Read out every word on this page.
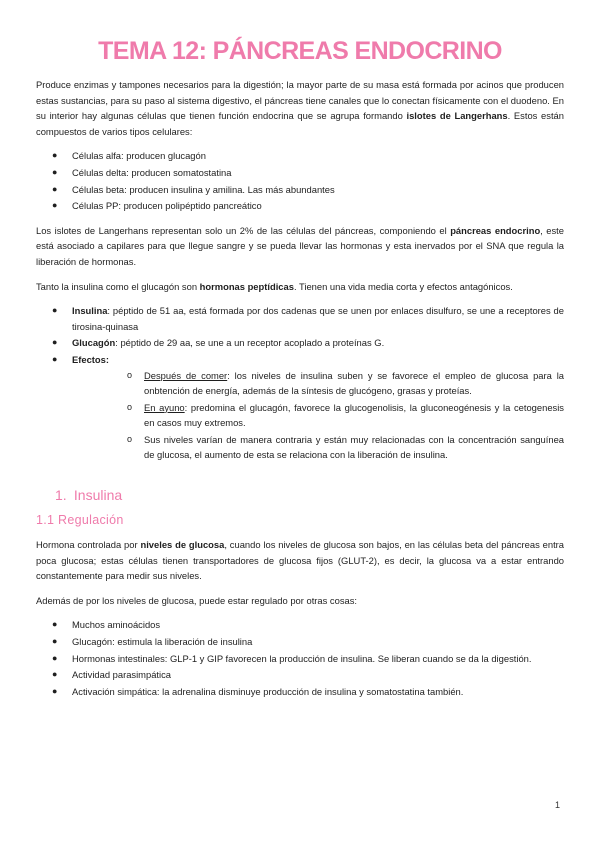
TEMA 12: PÁNCREAS ENDOCRINO

Produce enzimas y tampones necesarios para la digestión; la mayor parte de su masa está formada por acinos que producen estas sustancias, para su paso al sistema digestivo, el páncreas tiene canales que lo conectan físicamente con el duodeno. En su interior hay algunas células que tienen función endocrina que se agrupa formando islotes de Langerhans. Estos están compuestos de varios tipos celulares:

● Células alfa: producen glucagón
● Células delta: producen somatostatina
● Células beta: producen insulina y amilina. Las más abundantes
● Células PP: producen polipéptido pancreático

Los islotes de Langerhans representan solo un 2% de las células del páncreas, componiendo el páncreas endocrino, este está asociado a capilares para que llegue sangre y se pueda llevar las hormonas y esta inervados por el SNA que regula la liberación de hormonas.

Tanto la insulina como el glucagón son hormonas peptídicas. Tienen una vida media corta y efectos antagónicos.

● Insulina: péptido de 51 aa, está formada por dos cadenas que se unen por enlaces disulfuro, se une a receptores de tirosina-quinasa
● Glucagón: péptido de 29 aa, se une a un receptor acoplado a proteínas G.
● Efectos:
o Después de comer: los niveles de insulina suben y se favorece el empleo de glucosa para la onbtención de energía, además de la síntesis de glucógeno, grasas y proteías.
o En ayuno: predomina el glucagón, favorece la glucogenolisis, la gluconeogénesis y la cetogenesis en casos muy extremos.
o Sus niveles varían de manera contraria y están muy relacionadas con la concentración sanguínea de glucosa, el aumento de esta se relaciona con la liberación de insulina.
1. Insulina
1.1 Regulación

Hormona controlada por niveles de glucosa, cuando los niveles de glucosa son bajos, en las células beta del páncreas entra poca glucosa; estas células tienen transportadores de glucosa fijos (GLUT-2), es decir, la glucosa va a estar entrando constantemente para medir sus niveles.

Además de por los niveles de glucosa, puede estar regulado por otras cosas:

● Muchos aminoácidos
● Glucagón: estimula la liberación de insulina
● Hormonas intestinales: GLP-1 y GIP favorecen la producción de insulina. Se liberan cuando se da la digestión.
● Actividad parasimpática
● Activación simpática: la adrenalina disminuye producción de insulina y somatostatina también.
1
